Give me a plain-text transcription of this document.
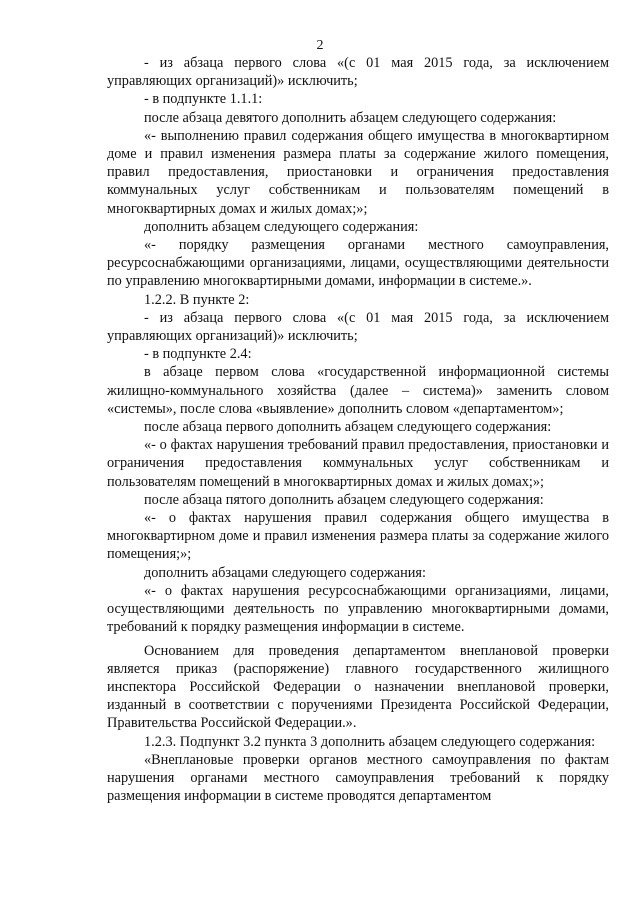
2

- из абзаца первого слова «(с 01 мая 2015 года, за исключением управляющих организаций)» исключить;

- в подпункте 1.1.1:

после абзаца девятого дополнить абзацем следующего содержания:

«- выполнению правил содержания общего имущества в многоквартирном доме и правил изменения размера платы за содержание жилого помещения, правил предоставления, приостановки и ограничения предоставления коммунальных услуг собственникам и пользователям помещений в многоквартирных домах и жилых домах;»;

дополнить абзацем следующего содержания:

«- порядку размещения органами местного самоуправления, ресурсоснабжающими организациями, лицами, осуществляющими деятельности по управлению многоквартирными домами, информации в системе.».

1.2.2. В пункте 2:

- из абзаца первого слова «(с 01 мая 2015 года, за исключением управляющих организаций)» исключить;

- в подпункте 2.4:

в абзаце первом слова «государственной информационной системы жилищно-коммунального хозяйства (далее – система)» заменить словом «системы», после слова «выявление» дополнить словом «департаментом»;

после абзаца первого дополнить абзацем следующего содержания:

«- о фактах нарушения требований правил предоставления, приостановки и ограничения предоставления коммунальных услуг собственникам и пользователям помещений в многоквартирных домах и жилых домах;»;

после абзаца пятого дополнить абзацем следующего содержания:

«- о фактах нарушения правил содержания общего имущества в многоквартирном доме и правил изменения размера платы за содержание жилого помещения;»;

дополнить абзацами следующего содержания:

«- о фактах нарушения ресурсоснабжающими организациями, лицами, осуществляющими деятельность по управлению многоквартирными домами, требований к порядку размещения информации в системе.

Основанием для проведения департаментом внеплановой проверки является приказ (распоряжение) главного государственного жилищного инспектора Российской Федерации о назначении внеплановой проверки, изданный в соответствии с поручениями Президента Российской Федерации, Правительства Российской Федерации.».

1.2.3. Подпункт 3.2 пункта 3 дополнить абзацем следующего содержания:

«Внеплановые проверки органов местного самоуправления по фактам нарушения органами местного самоуправления требований к порядку размещения информации в системе проводятся департаментом
